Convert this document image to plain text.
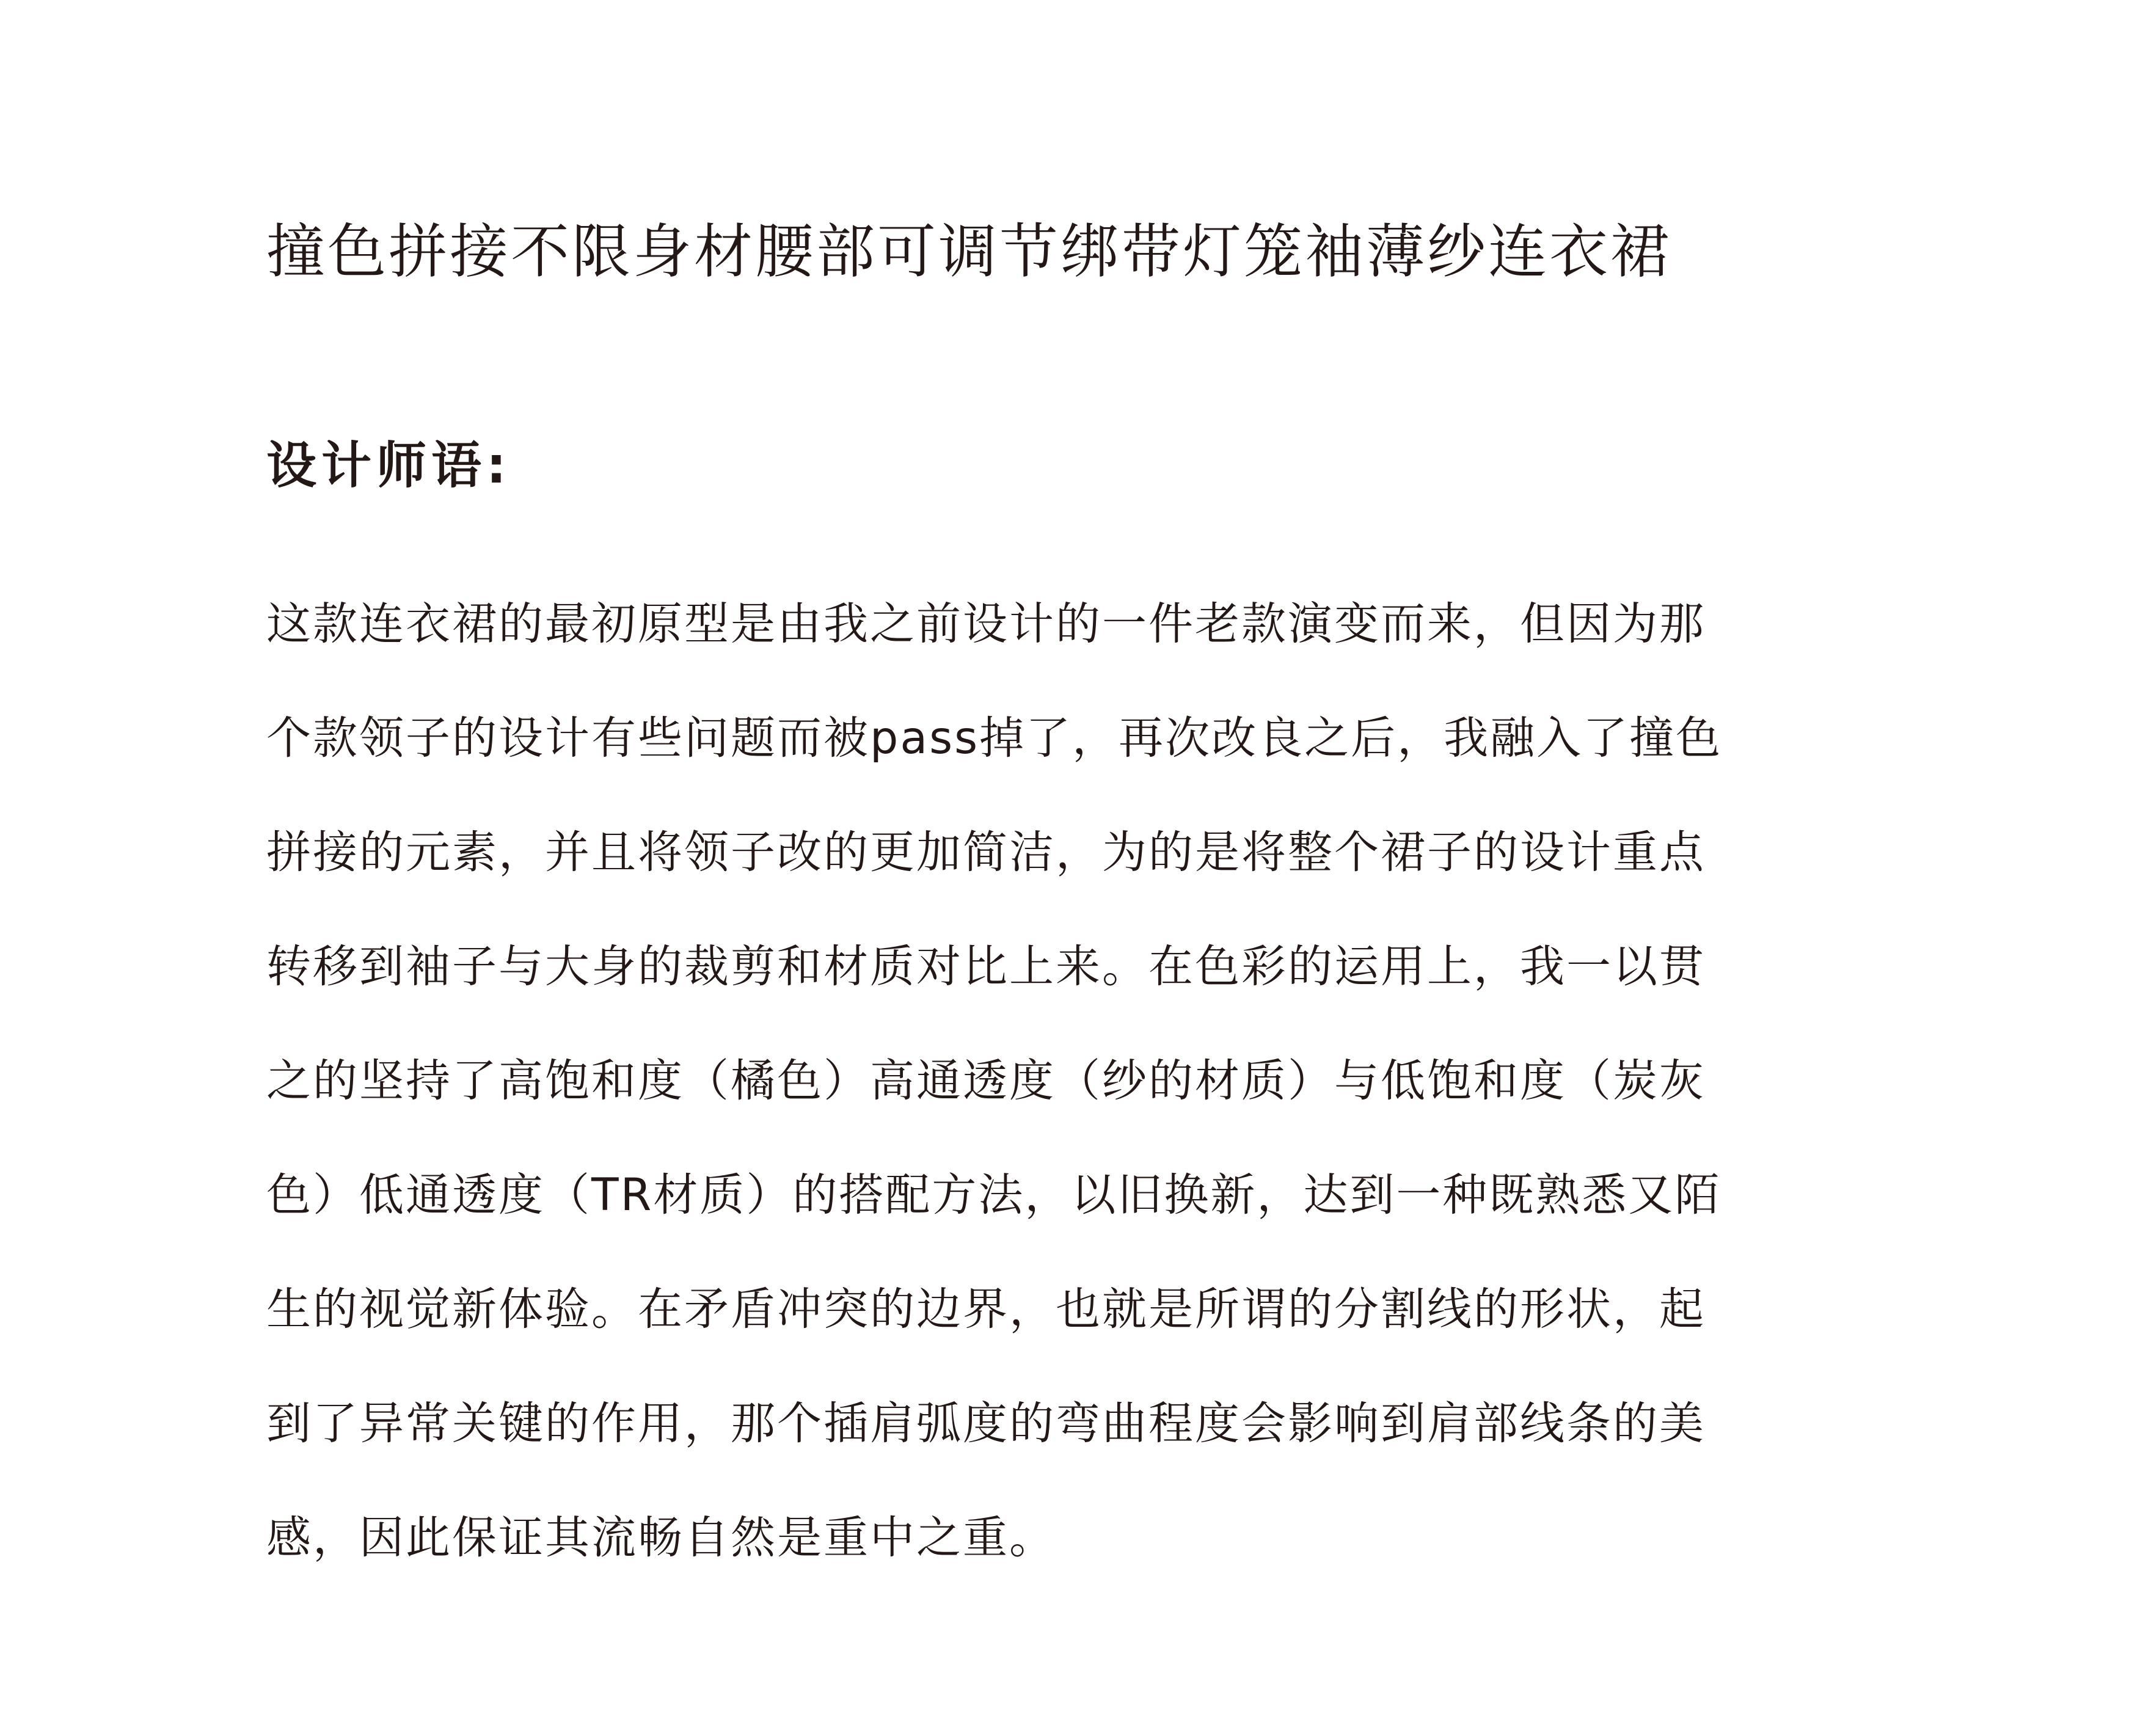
撞色拼接不限身材腰部可调节绑带灯笼袖薄纱连衣裙
设计师语:
这款连衣裙的最初原型是由我之前设计的一件老款演变而来，但因为那
个款领子的设计有些问题而被pass掉了，再次改良之后，我融入了撞色
拼接的元素，并且将领子改的更加简洁，为的是将整个裙子的设计重点
转移到袖子与大身的裁剪和材质对比上来。在色彩的运用上，我一以贯
之的坚持了高饱和度（橘色）高通透度（纱的材质）与低饱和度（炭灰
色）低通透度（TR材质）的搭配方法，以旧换新，达到一种既熟悉又陌
生的视觉新体验。在矛盾冲突的边界，也就是所谓的分割线的形状，起
到了异常关键的作用，那个插肩弧度的弯曲程度会影响到肩部线条的美
感，因此保证其流畅自然是重中之重。
